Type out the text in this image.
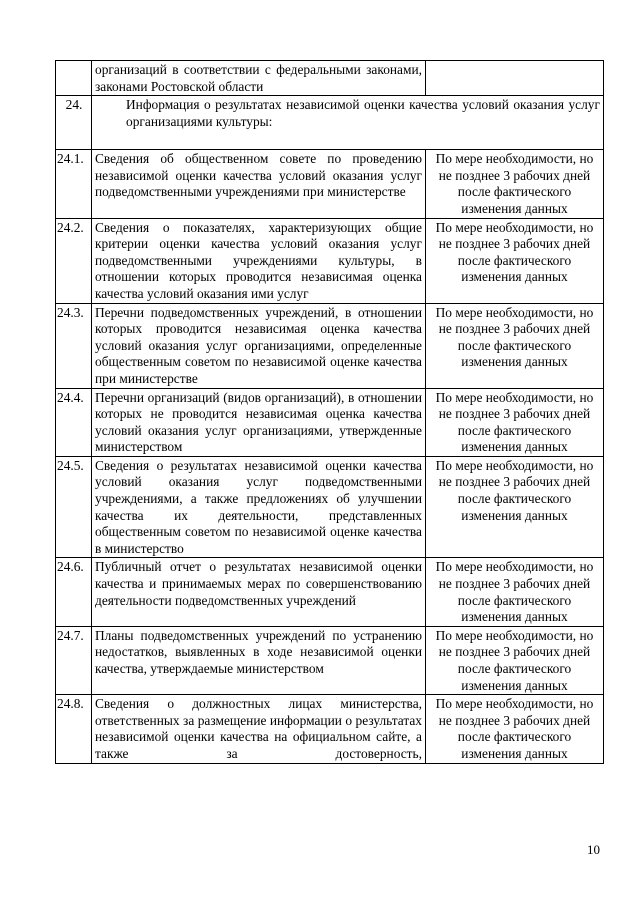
	организаций в соответствии с федеральными законами, законами Ростовской области	
24.	Информация о результатах независимой оценки качества условий оказания услуг организациями культуры:	
24.1.	Сведения об общественном совете по проведению независимой оценки качества условий оказания услуг подведомственными учреждениями при министерстве	По мере необходимости, но не позднее 3 рабочих дней после фактического изменения данных
24.2.	Сведения о показателях, характеризующих общие критерии оценки качества условий оказания услуг подведомственными учреждениями культуры, в отношении которых проводится независимая оценка качества условий оказания ими услуг	По мере необходимости, но не позднее 3 рабочих дней после фактического изменения данных
24.3.	Перечни подведомственных учреждений, в отношении которых проводится независимая оценка качества условий оказания услуг организациями, определенные общественным советом по независимой оценке качества при министерстве	По мере необходимости, но не позднее 3 рабочих дней после фактического изменения данных
24.4.	Перечни организаций (видов организаций), в отношении которых не проводится независимая оценка качества условий оказания услуг организациями, утвержденные министерством	По мере необходимости, но не позднее 3 рабочих дней после фактического изменения данных
24.5.	Сведения о результатах независимой оценки качества условий оказания услуг подведомственными учреждениями, а также предложениях об улучшении качества их деятельности, представленных общественным советом по независимой оценке качества в министерство	По мере необходимости, но не позднее 3 рабочих дней после фактического изменения данных
24.6.	Публичный отчет о результатах независимой оценки качества и принимаемых мерах по совершенствованию деятельности подведомственных учреждений	По мере необходимости, но не позднее 3 рабочих дней после фактического изменения данных
24.7.	Планы подведомственных учреждений по устранению недостатков, выявленных в ходе независимой оценки качества, утверждаемые министерством	По мере необходимости, но не позднее 3 рабочих дней после фактического изменения данных
24.8.	Сведения о должностных лицах министерства, ответственных за размещение информации о результатах независимой оценки качества на официальном сайте, а также за достоверность,	По мере необходимости, но не позднее 3 рабочих дней после фактического изменения данных
10
